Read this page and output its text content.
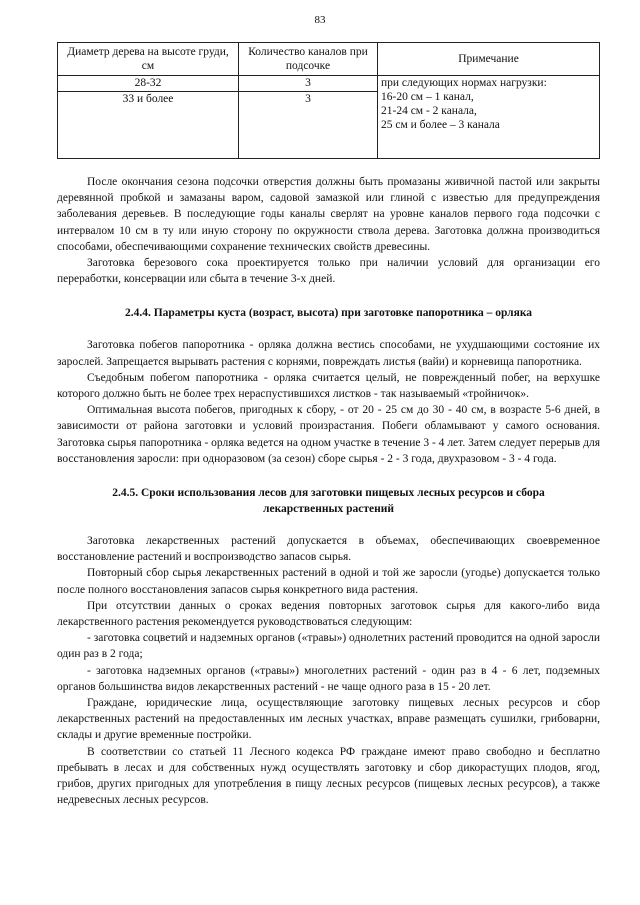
83
Диаметр дерева на высоте груди, см	Количество каналов при подсочке	Примечание
28-32	3	при следующих нормах нагрузки:
16-20 см – 1 канал,
21-24 см - 2 канала,
25 см и более – 3 канала

33 и более	3	

После окончания сезона подсочки отверстия должны быть промазаны живичной пастой или закрыты деревянной пробкой и замазаны варом, садовой замазкой или глиной с известью для предупреждения заболевания деревьев. В последующие годы каналы сверлят на уровне каналов первого года подсочки с интервалом 10 см в ту или иную сторону по окружности ствола дерева. Заготовка должна производиться способами, обеспечивающими сохранение технических свойств древесины.

Заготовка березового сока проектируется только при наличии условий для организации его переработки, консервации или сбыта в течение 3-х дней.

2.4.4. Параметры куста (возраст, высота) при заготовке папоротника – орляка

Заготовка побегов папоротника - орляка должна вестись способами, не ухудшающими состояние их зарослей. Запрещается вырывать растения с корнями, повреждать листья (вайи) и корневища папоротника.

Съедобным побегом папоротника - орляка считается целый, не поврежденный побег, на верхушке которого должно быть не более трех нераспустившихся листков - так называемый «тройничок».

Оптимальная высота побегов, пригодных к сбору, - от 20 - 25 см до 30 - 40 см, в возрасте 5-6 дней, в зависимости от района заготовки и условий произрастания. Побеги обламывают у самого основания. Заготовка сырья папоротника - орляка ведется на одном участке в течение 3 - 4 лет. Затем следует перерыв для восстановления заросли: при одноразовом (за сезон) сборе сырья - 2 - 3 года, двухразовом - 3 - 4 года.

2.4.5. Сроки использования лесов для заготовки пищевых лесных ресурсов и сбора лекарственных растений

Заготовка лекарственных растений допускается в объемах, обеспечивающих своевременное восстановление растений и воспроизводство запасов сырья.

Повторный сбор сырья лекарственных растений в одной и той же заросли (угодье) допускается только после полного восстановления запасов сырья конкретного вида растения.

При отсутствии данных о сроках ведения повторных заготовок сырья для какого-либо вида лекарственного растения рекомендуется руководствоваться следующим:

- заготовка соцветий и надземных органов («травы») однолетних растений проводится на одной заросли один раз в 2 года;

- заготовка надземных органов («травы») многолетних растений - один раз в 4 - 6 лет, подземных органов большинства видов лекарственных растений - не чаще одного раза в 15 - 20 лет.

Граждане, юридические лица, осуществляющие заготовку пищевых лесных ресурсов и сбор лекарственных растений на предоставленных им лесных участках, вправе размещать сушилки, грибоварни, склады и другие временные постройки.

В соответствии со статьей 11 Лесного кодекса РФ граждане имеют право свободно и бесплатно пребывать в лесах и для собственных нужд осуществлять заготовку и сбор дикорастущих плодов, ягод, грибов, других пригодных для употребления в пищу лесных ресурсов (пищевых лесных ресурсов), а также недревесных лесных ресурсов.
